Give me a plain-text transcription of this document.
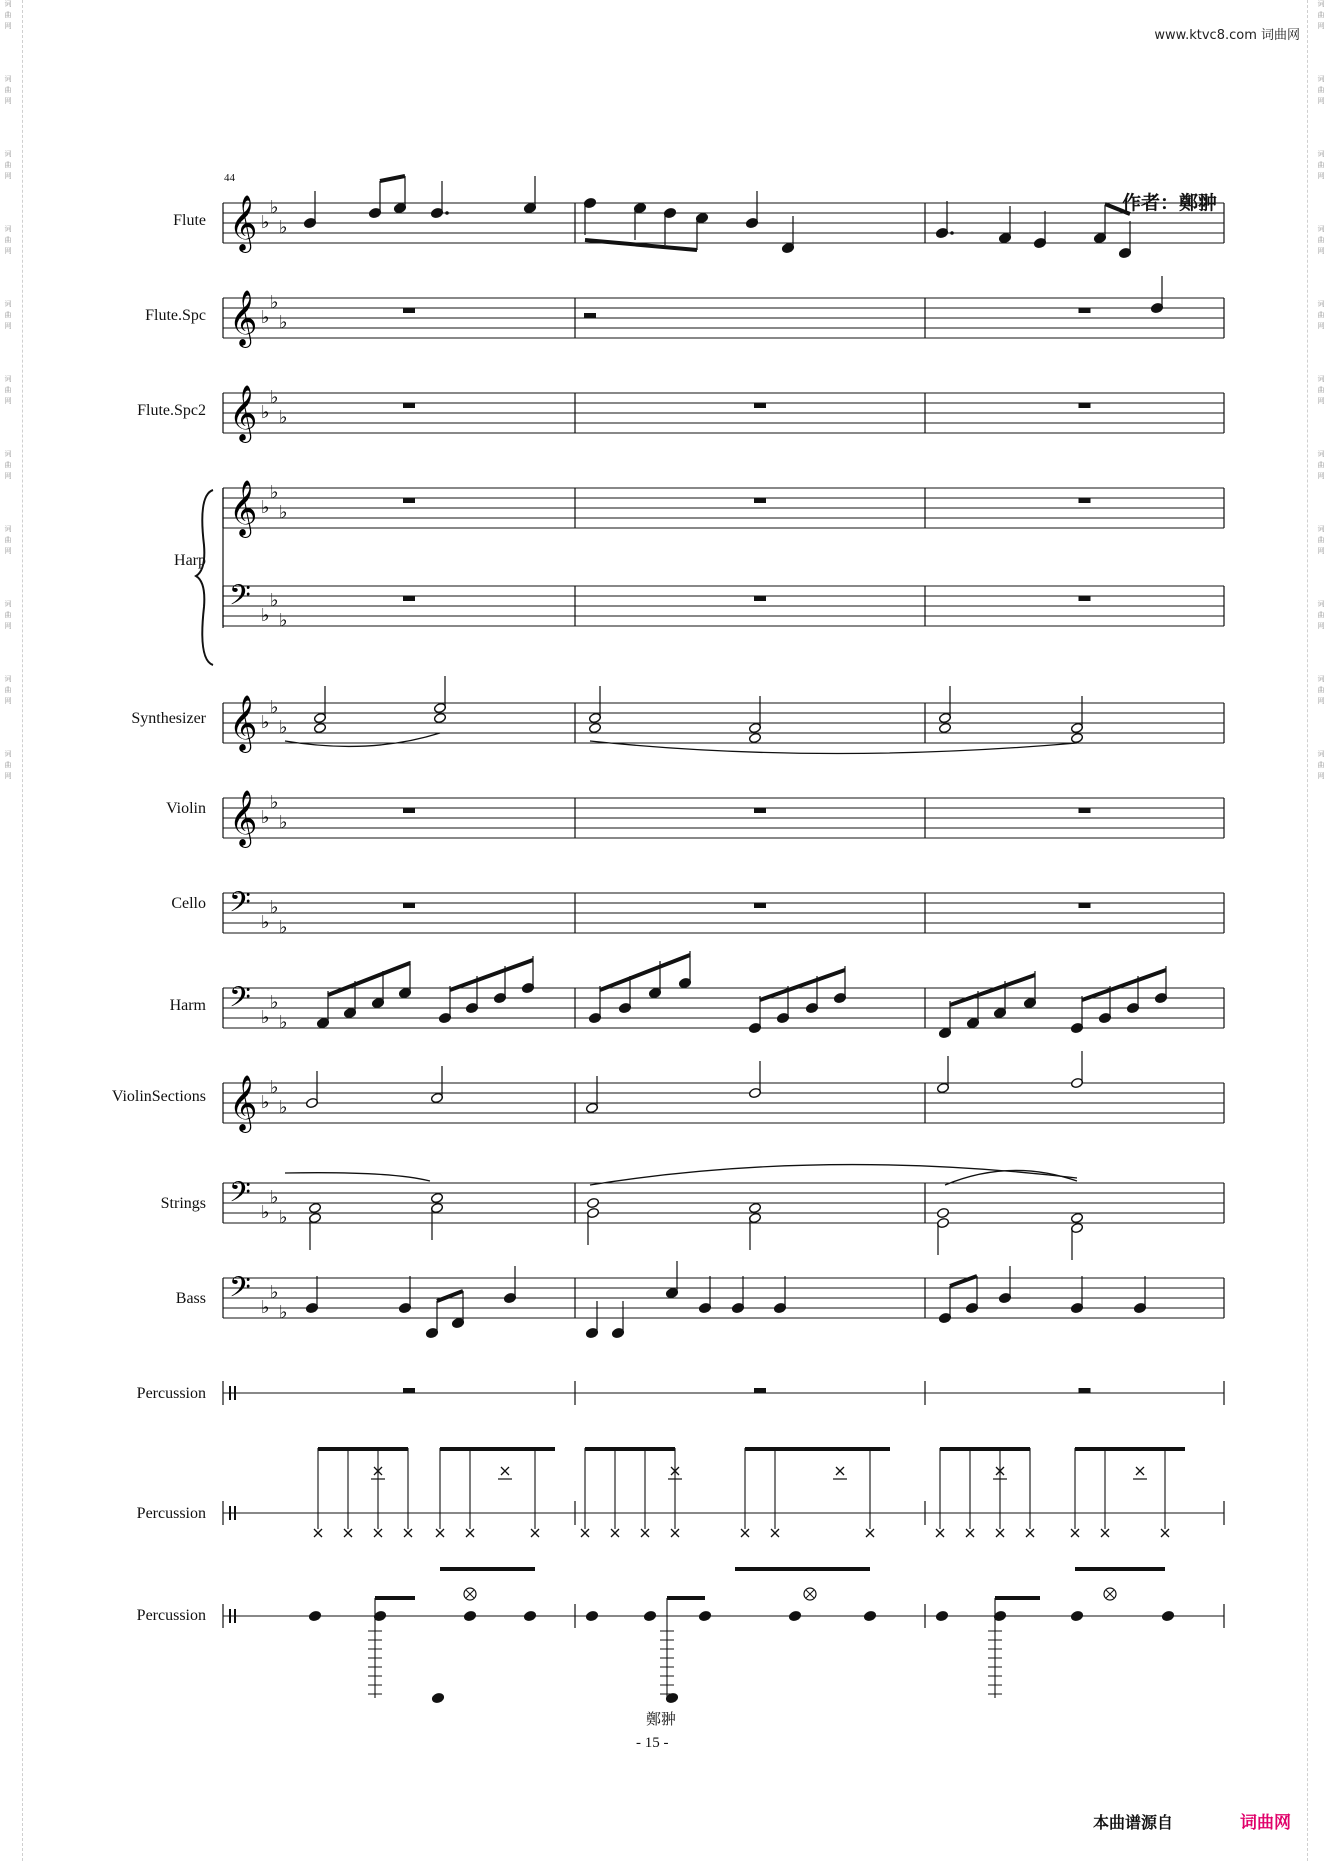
词
曲
网
词
曲
网
词
曲
网
词
曲
网
词
曲
网
词
曲
网
词
曲
网
词
曲
网
词
曲
网
词
曲
网
词
曲
网
词
曲
网
词
曲
网
词
曲
网
词
曲
网
词
曲
网
词
曲
网
词
曲
网
词
曲
网
词
曲
网
词
曲
网
词
曲
网
www.ktvc8.com 词曲网
44
作者：鄭翀
Flute
Flute.Spc
Flute.Spc2
Harp
Synthesizer
Violin
Cello
Harm
ViolinSections
Strings
Bass
Percussion
Percussion
Percussion
𝄞 ♭
♭
♭
𝄞 ♭
♭
♭
𝄞 ♭
♭
♭
𝄞 ♭
♭
♭
𝄢 ♭
♭
♭
𝄞 ♭
♭
♭
𝄞 ♭
♭
♭
𝄢 ♭
♭
♭
𝄢 ♭
♭
♭
𝄞 ♭
♭
♭
𝄢 ♭
♭
♭
𝄢 ♭
♭
♭
鄭翀
- 15 -
本曲谱源自	词曲网
